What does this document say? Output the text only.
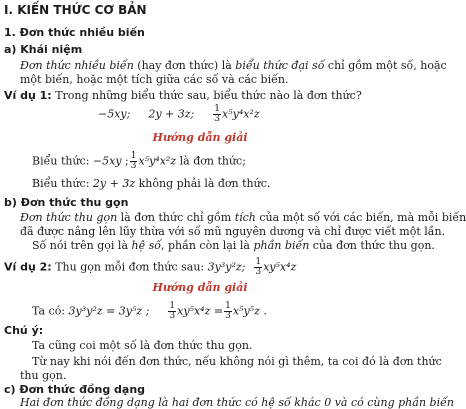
I. KIẾN THỨC CƠ BẢN
1. Đơn thức nhiều biến
a) Khái niệm
Đơn thức nhiều biến (hay đơn thức) là biểu thức đại số chỉ gồm một số, hoặc
một biến, hoặc một tích giữa các số và các biến.
Ví dụ 1: Trong những biểu thức sau, biểu thức nào là đơn thức?
−5xy; 2y + 3z; $\frac{1}{3} x^5y^4x^2z$
Hướng dẫn giải
Biểu thức: −5xy ; $\frac{1}{3} x^5y^4x^2z$ là đơn thức;
Biểu thức: 2y + 3z không phải là đơn thức.
b) Đơn thức thu gọn
Đơn thức thu gọn là đơn thức chỉ gồm tích của một số với các biến, mà mỗi biến
đã được nâng lên lũy thừa với số mũ nguyên dương và chỉ được viết một lần.
Số nói trên gọi là hệ số, phần còn lại là phần biến của đơn thức thu gọn.
Ví dụ 2: Thu gọn mỗi đơn thức sau: 3y³y²z; $\frac{1}{3} xy^5x^4z$
Hướng dẫn giải
Ta có: 3y³y²z = 3y⁵z ; $\frac{1}{3} xy^5x^4z = \frac{1}{3} x^5y^5z$ .
Chú ý:
Ta cũng coi một số là đơn thức thu gọn.
Từ nay khi nói đến đơn thức, nếu không nói gì thêm, ta coi đó là đơn thức
thu gọn.
c) Đơn thức đồng dạng
Hai đơn thức đồng dạng là hai đơn thức có hệ số khác 0 và có cùng phần biến
